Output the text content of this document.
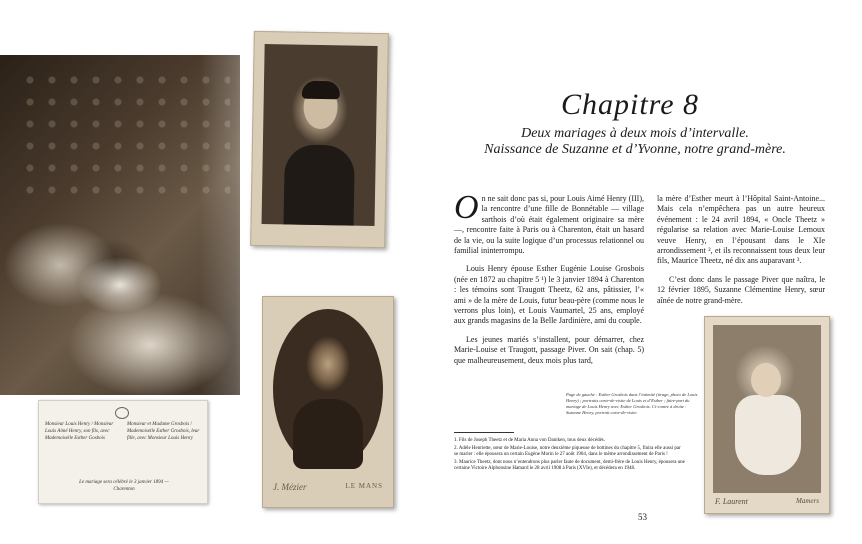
J. Mézier	LE MANS
Monsieur Louis Henry / Monsieur Louis Aimé Henry, son fils, avec Mademoiselle Esther Gosbois
Monsieur et Madame Grosbois / Mademoiselle Esther Grosbois, leur fille, avec Monsieur Louis Henry
Le mariage sera célébré le 3 janvier 1894 — Charenton
Chapitre 8
Deux mariages à deux mois d’intervalle.
Naissance de Suzanne et d’Yvonne, notre grand-mère.

On ne sait donc pas si, pour Louis Aimé Henry (III), la rencontre d’une fille de Bonnétable — village sarthois d’où était également originaire sa mère —, rencontre faite à Paris ou à Charenton, était un hasard de la vie, ou la suite logique d’un processus relationnel ou familial ininterrompu.

Louis Henry épouse Esther Eugénie Louise Grosbois (née en 1872 au chapitre 5 ¹) le 3 janvier 1894 à Charenton : les témoins sont Traugott Theetz, 62 ans, pâtissier, l’« ami » de la mère de Louis, futur beau-père (comme nous le verrons plus loin), et Louis Vaumartel, 25 ans, employé aux grands magasins de la Belle Jardinière, ami du couple.

Les jeunes mariés s’installent, pour démarrer, chez Marie-Louise et Traugott, passage Piver. On sait (chap. 5) que malheureusement, deux mois plus tard,

la mère d’Esther meurt à l’Hôpital Saint-Antoine... Mais cela n’empêchera pas un autre heureux événement : le 24 avril 1894, « Oncle Theetz » régularise sa relation avec Marie-Louise Lemoux veuve Henry, en l’épousant dans le XIe arrondissement ², et ils reconnaissent tous deux leur fils, Maurice Theetz, né dix ans auparavant ³.

C’est donc dans le passage Piver que naîtra, le 12 février 1895, Suzanne Clémentine Henry, sœur aînée de notre grand-mère.

Page de gauche : Esther Grosbois dans l’intimité (tirage, photo de Louis Henry) ; portraits carte-de-visite de Louis et d’Esther ; faire-part du mariage de Louis Henry avec Esther Grosbois. Ci-contre à droite : Suzanne Henry, portrait carte-de-visite.
F. Laurent	Mamers
1. Fils de Joseph Theetz et de Maria Anna von Daniken, tous deux décédés.
2. Adèle Henriette, sœur de Marie-Louise, notre deuxième piqueuse de bottines du chapitre 5, finira elle aussi par se marier : elle épousera un certain Eugène Morin le 27 août 1904, dans le même arrondissement de Paris !
3. Maurice Theetz, dont nous n’entendrons plus parler faute de document, demi-frère de Louis Henry, épousera une certaine Victoire Alphonsine Hamard le 28 avril 1908 à Paris (XVIe), et décédera en 1948.
53
